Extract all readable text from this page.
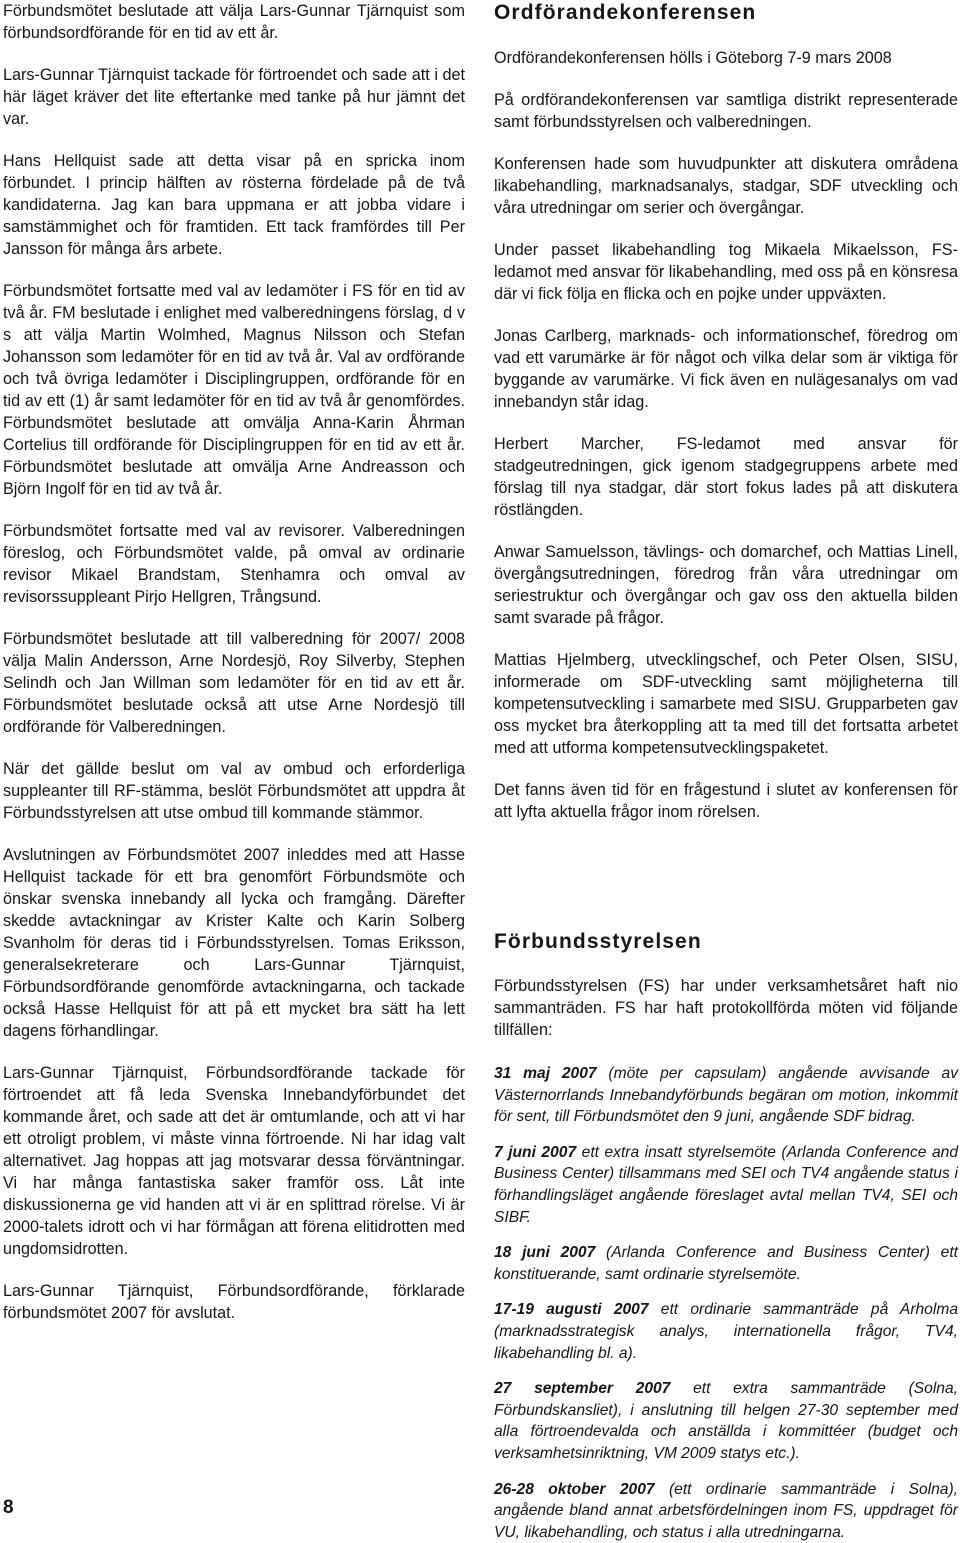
Förbundsmötet beslutade att välja Lars-Gunnar Tjärnquist som förbundsordförande för en tid av ett år.

Lars-Gunnar Tjärnquist tackade för förtroendet och sade att i det här läget kräver det lite eftertanke med tanke på hur jämnt det var.

Hans Hellquist sade att detta visar på en spricka inom förbundet. I princip hälften av rösterna fördelade på de två kandidaterna. Jag kan bara uppmana er att jobba vidare i samstämmighet och för framtiden. Ett tack framfördes till Per Jansson för många års arbete.

Förbundsmötet fortsatte med val av ledamöter i FS för en tid av två år. FM beslutade i enlighet med valberedningens förslag, d v s att välja Martin Wolmhed, Magnus Nilsson och Stefan Johansson som ledamöter för en tid av två år. Val av ordförande och två övriga ledamöter i Disciplingruppen, ordförande för en tid av ett (1) år samt ledamöter för en tid av två år genomfördes. Förbundsmötet beslutade att omvälja Anna-Karin Åhrman Cortelius till ordförande för Disciplingruppen för en tid av ett år. Förbundsmötet beslutade att omvälja Arne Andreasson och Björn Ingolf för en tid av två år.

Förbundsmötet fortsatte med val av revisorer. Valberedningen föreslog, och Förbundsmötet valde, på omval av ordinarie revisor Mikael Brandstam, Stenhamra och omval av revisorssuppleant Pirjo Hellgren, Trångsund.

Förbundsmötet beslutade att till valberedning för 2007/ 2008 välja Malin Andersson, Arne Nordesjö, Roy Silverby, Stephen Selindh och Jan Willman som ledamöter för en tid av ett år. Förbundsmötet beslutade också att utse Arne Nordesjö till ordförande för Valberedningen.

När det gällde beslut om val av ombud och erforderliga suppleanter till RF-stämma, beslöt Förbundsmötet att uppdra åt Förbundsstyrelsen att utse ombud till kommande stämmor.

Avslutningen av Förbundsmötet 2007 inleddes med att Hasse Hellquist tackade för ett bra genomfört Förbundsmöte och önskar svenska innebandy all lycka och framgång. Därefter skedde avtackningar av Krister Kalte och Karin Solberg Svanholm för deras tid i Förbundsstyrelsen. Tomas Eriksson, generalsekreterare och Lars-Gunnar Tjärnquist, Förbundsordförande genomförde avtackningarna, och tackade också Hasse Hellquist för att på ett mycket bra sätt ha lett dagens förhandlingar.

Lars-Gunnar Tjärnquist, Förbundsordförande tackade för förtroendet att få leda Svenska Innebandyförbundet det kommande året, och sade att det är omtumlande, och att vi har ett otroligt problem, vi måste vinna förtroende. Ni har idag valt alternativet. Jag hoppas att jag motsvarar dessa förväntningar. Vi har många fantastiska saker framför oss. Låt inte diskussionerna ge vid handen att vi är en splittrad rörelse. Vi är 2000-talets idrott och vi har förmågan att förena elitidrotten med ungdomsidrotten.

Lars-Gunnar Tjärnquist, Förbundsordförande, förklarade förbundsmötet 2007 för avslutat.

Ordförandekonferensen

Ordförandekonferensen hölls i Göteborg 7-9 mars 2008

På ordförandekonferensen var samtliga distrikt representerade samt förbundsstyrelsen och valberedningen.

Konferensen hade som huvudpunkter att diskutera områdena likabehandling, marknadsanalys, stadgar, SDF utveckling och våra utredningar om serier och övergångar.

Under passet likabehandling tog Mikaela Mikaelsson, FS-ledamot med ansvar för likabehandling, med oss på en könsresa där vi fick följa en flicka och en pojke under uppväxten.

Jonas Carlberg, marknads- och informationschef, föredrog om vad ett varumärke är för något och vilka delar som är viktiga för byggande av varumärke. Vi fick även en nulägesanalys om vad innebandyn står idag.

Herbert Marcher, FS-ledamot med ansvar för stadgeutredningen, gick igenom stadgegruppens arbete med förslag till nya stadgar, där stort fokus lades på att diskutera röstlängden.

Anwar Samuelsson, tävlings- och domarchef, och Mattias Linell, övergångsutredningen, föredrog från våra utredningar om seriestruktur och övergångar och gav oss den aktuella bilden samt svarade på frågor.

Mattias Hjelmberg, utvecklingschef, och Peter Olsen, SISU, informerade om SDF-utveckling samt möjligheterna till kompetensutveckling i samarbete med SISU. Grupparbeten gav oss mycket bra återkoppling att ta med till det fortsatta arbetet med att utforma kompetensutvecklingspaketet.

Det fanns även tid för en frågestund i slutet av konferensen för att lyfta aktuella frågor inom rörelsen.

Förbundsstyrelsen

Förbundsstyrelsen (FS) har under verksamhetsåret haft nio sammanträden. FS har haft protokollförda möten vid följande tillfällen:

31 maj 2007 (möte per capsulam) angående avvisande av Västernorrlands Innebandyförbunds begäran om motion, inkommit för sent, till Förbundsmötet den 9 juni, angående SDF bidrag.

7 juni 2007 ett extra insatt styrelsemöte (Arlanda Conference and Business Center) tillsammans med SEI och TV4 angående status i förhandlingsläget angående föreslaget avtal mellan TV4, SEI och SIBF.

18 juni 2007 (Arlanda Conference and Business Center) ett konstituerande, samt ordinarie styrelsemöte.

17-19 augusti 2007 ett ordinarie sammanträde på Arholma (marknadsstrategisk analys, internationella frågor, TV4, likabehandling bl. a).

27 september 2007 ett extra sammanträde (Solna, Förbundskansliet), i anslutning till helgen 27-30 september med alla förtroendevalda och anställda i kommittéer (budget och verksamhetsinriktning, VM 2009 statys etc.).

26-28 oktober 2007 (ett ordinarie sammanträde i Solna), angående bland annat arbetsfördelningen inom FS, uppdraget för VU, likabehandling, och status i alla utredningarna.

8
